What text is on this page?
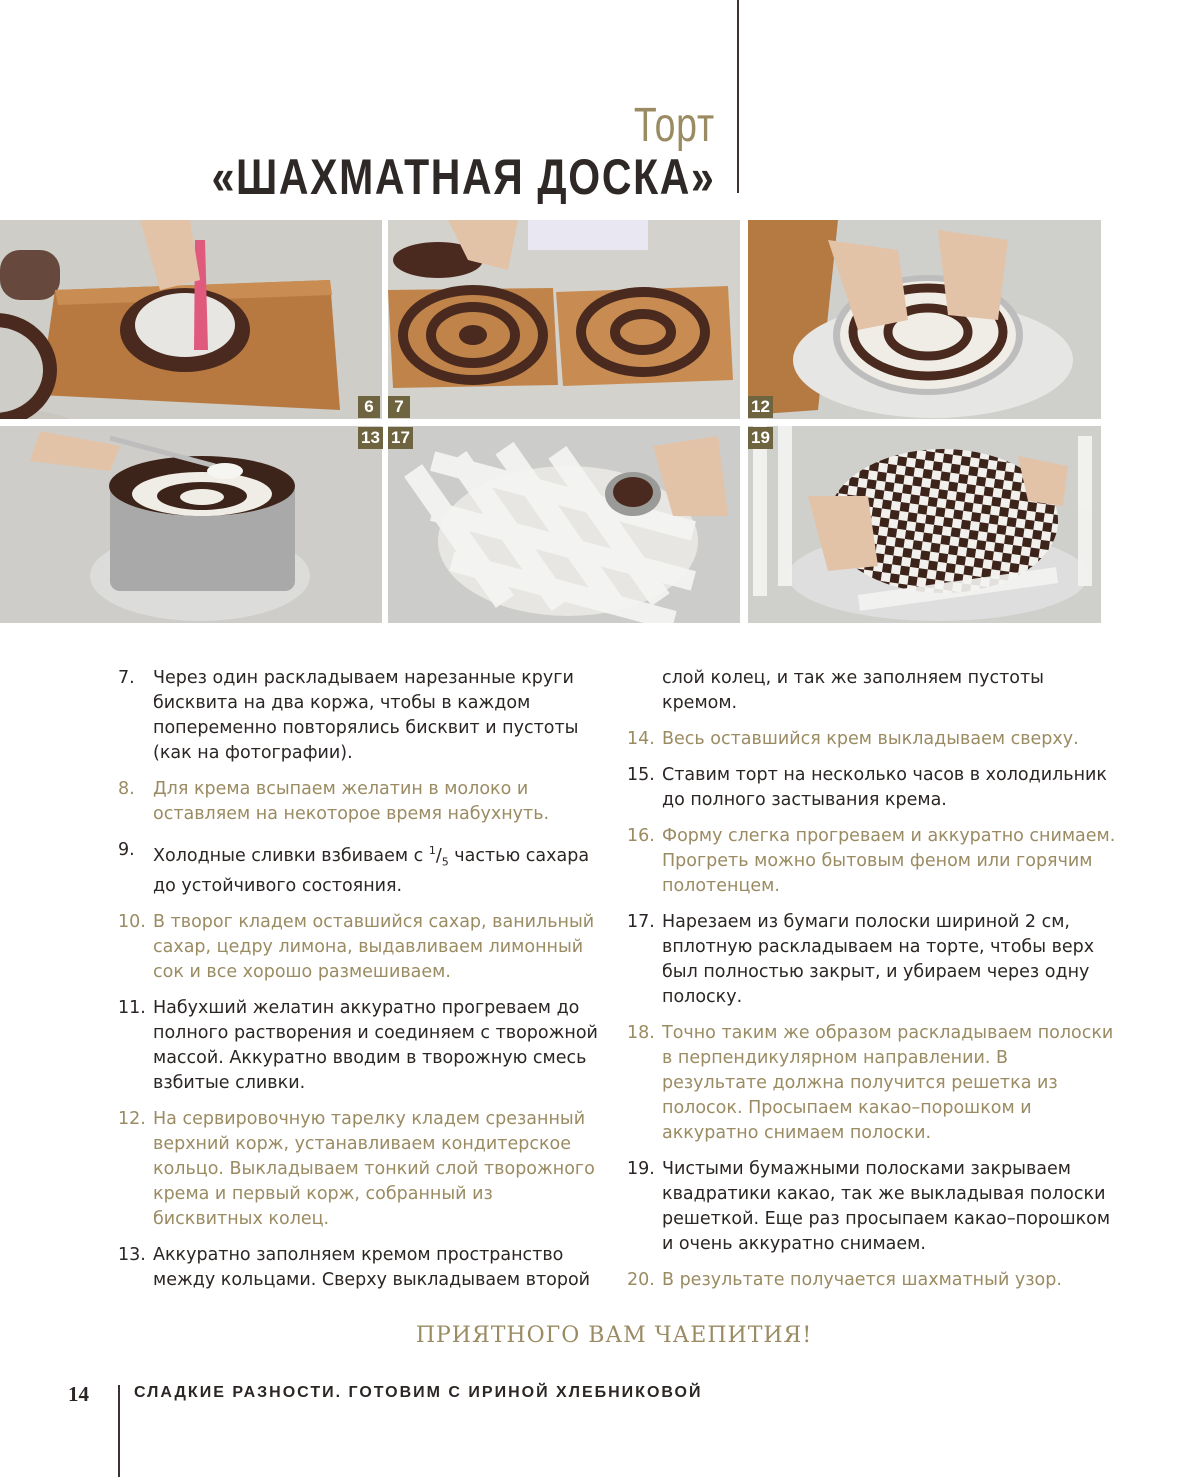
Торт
«ШАХМАТНАЯ ДОСКА»
6	7	12
13 17	19
7. Через один раскладываем нарезанные круги бисквита на два коржа, чтобы в каждом попеременно повторялись бисквит и пустоты (как на фотографии).
8. Для крема всыпаем желатин в молоко и оставляем на некоторое время набухнуть.
9. Холодные сливки взбиваем с $^1/_5$ частью сахара до устойчивого состояния.
10. В творог кладем оставшийся сахар, ванильный сахар, цедру лимона, выдавливаем лимонный сок и все хорошо размешиваем.
11. Набухший желатин аккуратно прогреваем до полного растворения и соединяем с творожной массой. Аккуратно вводим в творожную смесь взбитые сливки.
12. На сервировочную тарелку кладем срезанный верхний корж, устанавливаем кондитерское кольцо. Выкладываем тонкий слой творожного крема и первый корж, собранный из бисквитных колец.
13. Аккуратно заполняем кремом пространство между кольцами. Сверху выкладываем второй
слой колец, и так же заполняем пустоты кремом.
14. Весь оставшийся крем выкладываем сверху.
15. Ставим торт на несколько часов в холодильник до полного застывания крема.
16. Форму слегка прогреваем и аккуратно снимаем. Прогреть можно бытовым феном или горячим полотенцем.
17. Нарезаем из бумаги полоски шириной 2 см, вплотную раскладываем на торте, чтобы верх был полностью закрыт, и убираем через одну полоску.
18. Точно таким же образом раскладываем полоски в перпендикулярном направлении. В результате должна получится решетка из полосок. Просыпаем какао–порошком и аккуратно снимаем полоски.
19. Чистыми бумажными полосками закрываем квадратики какао, так же выкладывая полоски решеткой. Еще раз просыпаем какао–порошком и очень аккуратно снимаем.
20. В результате получается шахматный узор.
ПРИЯТНОГО ВАМ ЧАЕПИТИЯ!
14	СЛАДКИЕ РАЗНОСТИ. ГОТОВИМ С ИРИНОЙ ХЛЕБНИКОВОЙ
